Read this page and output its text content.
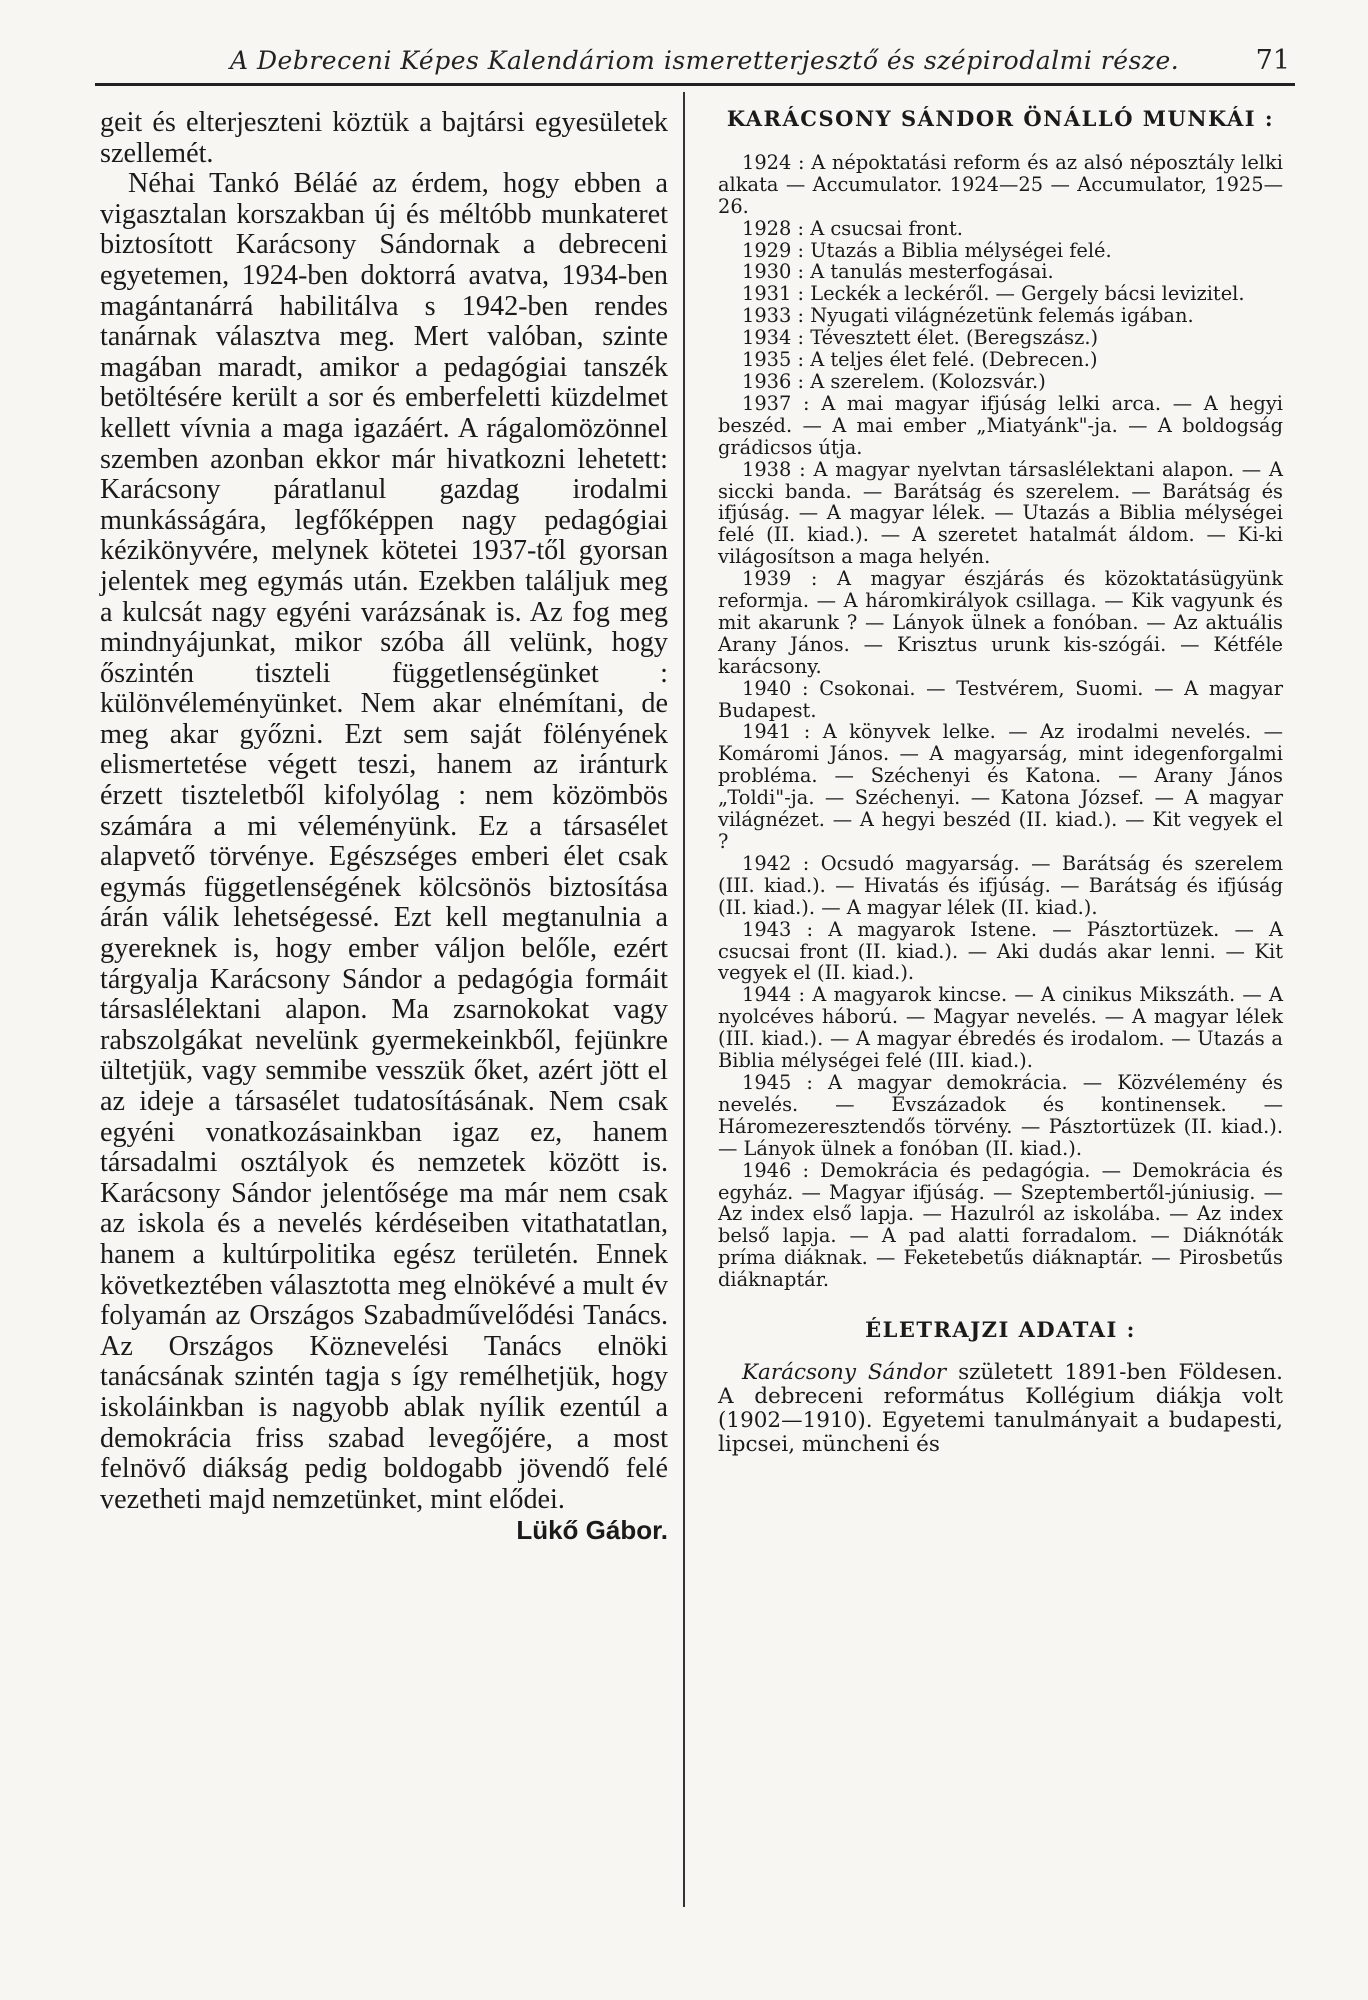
A Debreceni Képes Kalendáriom ismeretterjesztő és szépirodalmi része.	71

geit és elterjeszteni köztük a bajtársi egyesületek szellemét.

Néhai Tankó Béláé az érdem, hogy ebben a vigasztalan korszakban új és méltóbb munkateret biztosított Karácsony Sándornak a debreceni egyetemen, 1924-ben doktorrá avatva, 1934-ben magántanárrá habilitálva s 1942-ben rendes tanárnak választva meg. Mert valóban, szinte magában maradt, amikor a pedagógiai tanszék betöltésére került a sor és emberfeletti küzdelmet kellett vívnia a maga igazáért. A rágalomözönnel szemben azonban ekkor már hivatkozni lehetett: Karácsony páratlanul gazdag irodalmi munkásságára, legfőképpen nagy pedagógiai kézikönyvére, melynek kötetei 1937-től gyorsan jelentek meg egymás után. Ezekben találjuk meg a kulcsát nagy egyéni varázsának is. Az fog meg mindnyájunkat, mikor szóba áll velünk, hogy őszintén tiszteli függetlenségünket : különvéleményünket. Nem akar elnémítani, de meg akar győzni. Ezt sem saját fölényének elismertetése végett teszi, hanem az iránturk érzett tiszteletből kifolyólag : nem közömbös számára a mi véleményünk. Ez a társasélet alapvető törvénye. Egészséges emberi élet csak egymás függetlenségének kölcsönös biztosítása árán válik lehetségessé. Ezt kell megtanulnia a gyereknek is, hogy ember váljon belőle, ezért tárgyalja Karácsony Sándor a pedagógia formáit társaslélektani alapon. Ma zsarnokokat vagy rabszolgákat nevelünk gyermekeinkből, fejünkre ültetjük, vagy semmibe vesszük őket, azért jött el az ideje a társasélet tudatosításának. Nem csak egyéni vonatkozásainkban igaz ez, hanem társadalmi osztályok és nemzetek között is. Karácsony Sándor jelentősége ma már nem csak az iskola és a nevelés kérdéseiben vitathatatlan, hanem a kultúrpolitika egész területén. Ennek következtében választotta meg elnökévé a mult év folyamán az Országos Szabadművelődési Tanács. Az Országos Köznevelési Tanács elnöki tanácsának szintén tagja s így remélhetjük, hogy iskoláinkban is nagyobb ablak nyílik ezentúl a demokrácia friss szabad levegőjére, a most felnövő diákság pedig boldogabb jövendő felé vezetheti majd nemzetünket, mint elődei.
Lükő Gábor.

KARÁCSONY SÁNDOR ÖNÁLLÓ MUNKÁI :

1924 : A népoktatási reform és az alsó néposztály lelki alkata — Accumulator. 1924—25 — Accumulator, 1925—26.

1928 : A csucsai front.

1929 : Utazás a Biblia mélységei felé.

1930 : A tanulás mesterfogásai.

1931 : Leckék a leckéről. — Gergely bácsi levizitel.

1933 : Nyugati világnézetünk felemás igában.

1934 : Tévesztett élet. (Beregszász.)

1935 : A teljes élet felé. (Debrecen.)

1936 : A szerelem. (Kolozsvár.)

1937 : A mai magyar ifjúság lelki arca. — A hegyi beszéd. — A mai ember „Miatyánk"-ja. — A boldogság grádicsos útja.

1938 : A magyar nyelvtan társaslélektani alapon. — A siccki banda. — Barátság és szerelem. — Barátság és ifjúság. — A magyar lélek. — Utazás a Biblia mélységei felé (II. kiad.). — A szeretet hatalmát áldom. — Ki-ki világosítson a maga helyén.

1939 : A magyar észjárás és közoktatásügyünk reformja. — A háromkirályok csillaga. — Kik vagyunk és mit akarunk ? — Lányok ülnek a fonóban. — Az aktuális Arany János. — Krisztus urunk kis-szógái. — Kétféle karácsony.

1940 : Csokonai. — Testvérem, Suomi. — A magyar Budapest.

1941 : A könyvek lelke. — Az irodalmi nevelés. — Komáromi János. — A magyarság, mint idegenforgalmi probléma. — Széchenyi és Katona. — Arany János „Toldi"-ja. — Széchenyi. — Katona József. — A magyar világnézet. — A hegyi beszéd (II. kiad.). — Kit vegyek el ?

1942 : Ocsudó magyarság. — Barátság és szerelem (III. kiad.). — Hivatás és ifjúság. — Barátság és ifjúság (II. kiad.). — A magyar lélek (II. kiad.).

1943 : A magyarok Istene. — Pásztortüzek. — A csucsai front (II. kiad.). — Aki dudás akar lenni. — Kit vegyek el (II. kiad.).

1944 : A magyarok kincse. — A cinikus Mikszáth. — A nyolcéves háború. — Magyar nevelés. — A magyar lélek (III. kiad.). — A magyar ébredés és irodalom. — Utazás a Biblia mélységei felé (III. kiad.).

1945 : A magyar demokrácia. — Közvélemény és nevelés. — Évszázadok és kontinensek. — Háromezeresztendős törvény. — Pásztortüzek (II. kiad.). — Lányok ülnek a fonóban (II. kiad.).

1946 : Demokrácia és pedagógia. — Demokrácia és egyház. — Magyar ifjúság. — Szeptembertől-júniusig. — Az index első lapja. — Hazulról az iskolába. — Az index belső lapja. — A pad alatti forradalom. — Diáknóták príma diáknak. — Feketebetűs diáknaptár. — Pirosbetűs diáknaptár.

ÉLETRAJZI ADATAI :

Karácsony Sándor született 1891-ben Földesen. A debreceni református Kollégium diákja volt (1902—1910). Egyetemi tanulmányait a budapesti, lipcsei, müncheni és
